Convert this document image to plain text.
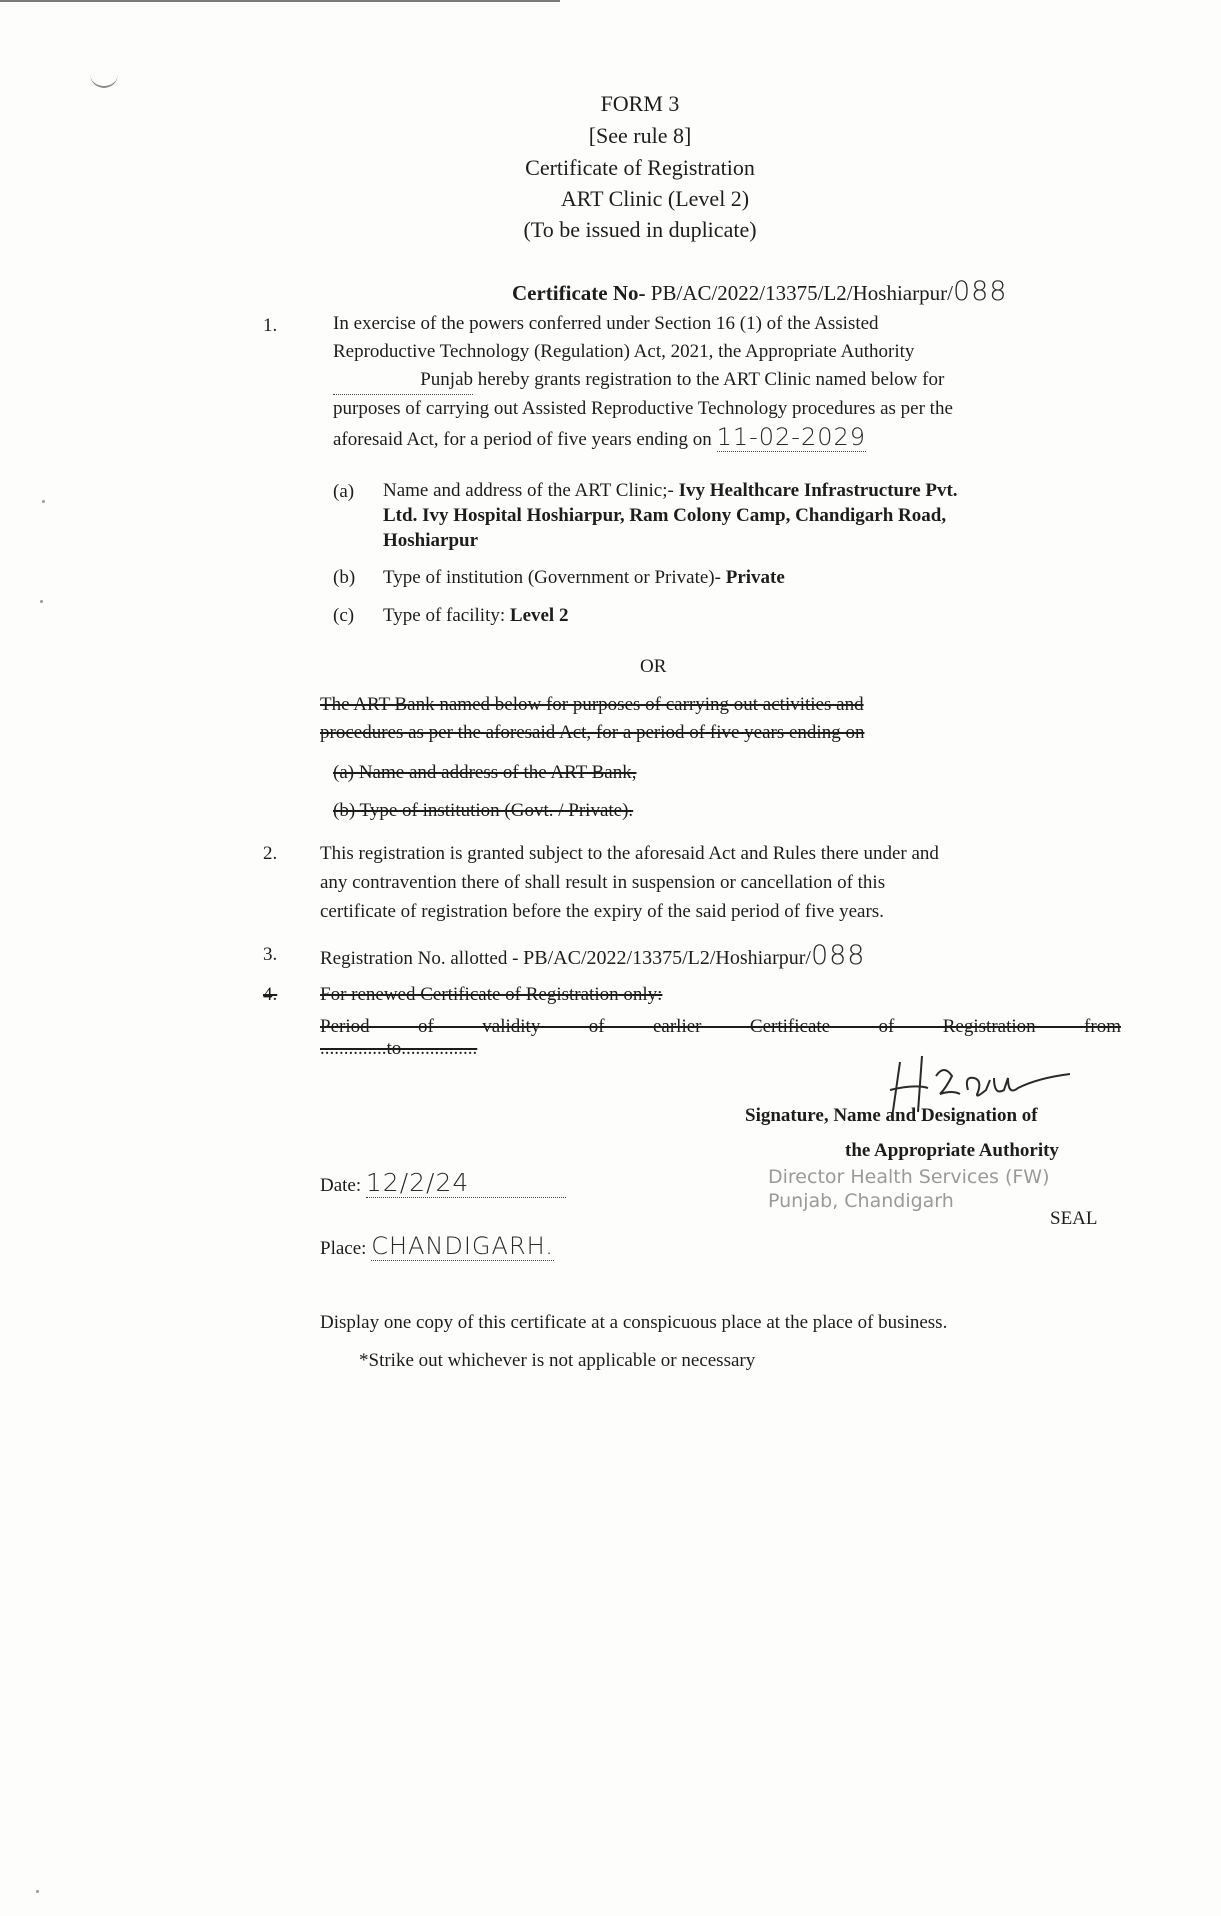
FORM 3
[See rule 8]
Certificate of Registration
ART Clinic (Level 2)
(To be issued in duplicate)
Certificate No- PB/AC/2022/13375/L2/Hoshiarpur/088
1.	In exercise of the powers conferred under Section 16 (1) of the Assisted
Reproductive Technology (Regulation) Act, 2021, the Appropriate Authority
Punjab hereby grants registration to the ART Clinic named below for
purposes of carrying out Assisted Reproductive Technology procedures as per the
aforesaid Act, for a period of five years ending on 11-02-2029
(a) Name and address of the ART Clinic;- Ivy Healthcare Infrastructure Pvt.
Ltd. Ivy Hospital Hoshiarpur, Ram Colony Camp, Chandigarh Road,
Hoshiarpur
(b) Type of institution (Government or Private)- Private
(c) Type of facility: Level 2
OR
The ART Bank named below for purposes of carrying out activities and
procedures as per the aforesaid Act, for a period of five years ending on
(a) Name and address of the ART Bank,
(b) Type of institution (Govt. / Private).
2. This registration is granted subject to the aforesaid Act and Rules there under and
any contravention there of shall result in suspension or cancellation of this
certificate of registration before the expiry of the said period of five years.
3. Registration No. allotted - PB/AC/2022/13375/L2/Hoshiarpur/088
4. For renewed Certificate of Registration only:
Period of validity of earlier Certificate of Registration from
..............to................
Signature, Name and Designation of
the Appropriate Authority
Director Health Services (FW)
Punjab, Chandigarh
SEAL
Date: 12/2/24
Place: CHANDIGARH.
Display one copy of this certificate at a conspicuous place at the place of business.
*Strike out whichever is not applicable or necessary
